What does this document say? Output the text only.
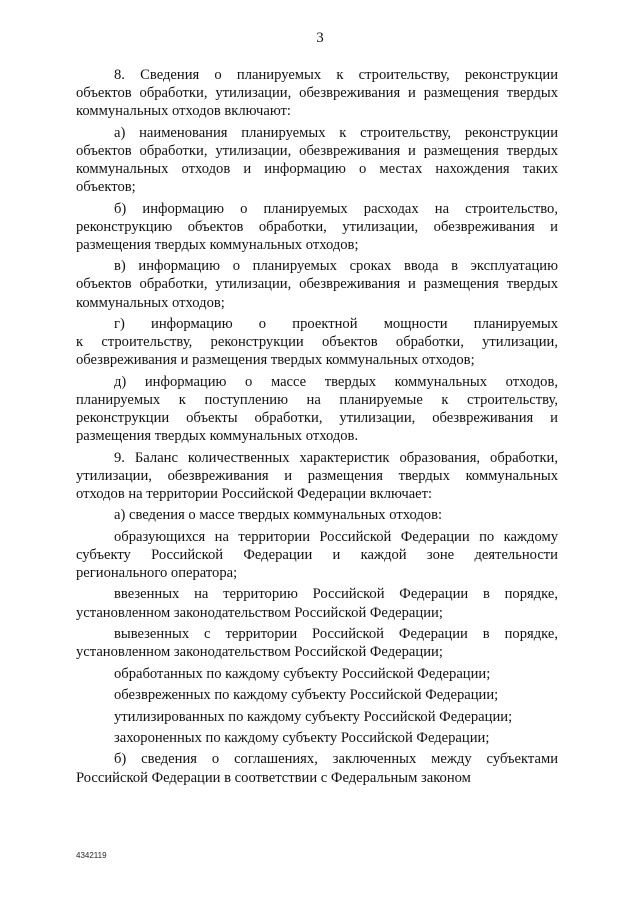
3
8. Сведения о планируемых к строительству, реконструкции
объектов обработки, утилизации, обезвреживания и размещения твердых
коммунальных отходов включают:
а) наименования планируемых к строительству, реконструкции
объектов обработки, утилизации, обезвреживания и размещения твердых
коммунальных отходов и информацию о местах нахождения таких
объектов;
б) информацию о планируемых расходах на строительство,
реконструкцию объектов обработки, утилизации, обезвреживания и
размещения твердых коммунальных отходов;
в) информацию о планируемых сроках ввода в эксплуатацию
объектов обработки, утилизации, обезвреживания и размещения твердых
коммунальных отходов;
г) информацию о проектной мощности планируемых
к строительству, реконструкции объектов обработки, утилизации,
обезвреживания и размещения твердых коммунальных отходов;
д) информацию о массе твердых коммунальных отходов,
планируемых к поступлению на планируемые к строительству,
реконструкции объекты обработки, утилизации, обезвреживания и
размещения твердых коммунальных отходов.
9. Баланс количественных характеристик образования, обработки,
утилизации, обезвреживания и размещения твердых коммунальных
отходов на территории Российской Федерации включает:
а) сведения о массе твердых коммунальных отходов:
образующихся на территории Российской Федерации по каждому
субъекту Российской Федерации и каждой зоне деятельности
регионального оператора;
ввезенных на территорию Российской Федерации в порядке,
установленном законодательством Российской Федерации;
вывезенных с территории Российской Федерации в порядке,
установленном законодательством Российской Федерации;
обработанных по каждому субъекту Российской Федерации;
обезвреженных по каждому субъекту Российской Федерации;
утилизированных по каждому субъекту Российской Федерации;
захороненных по каждому субъекту Российской Федерации;
б) сведения о соглашениях, заключенных между субъектами
Российской Федерации в соответствии с Федеральным законом
4342119
